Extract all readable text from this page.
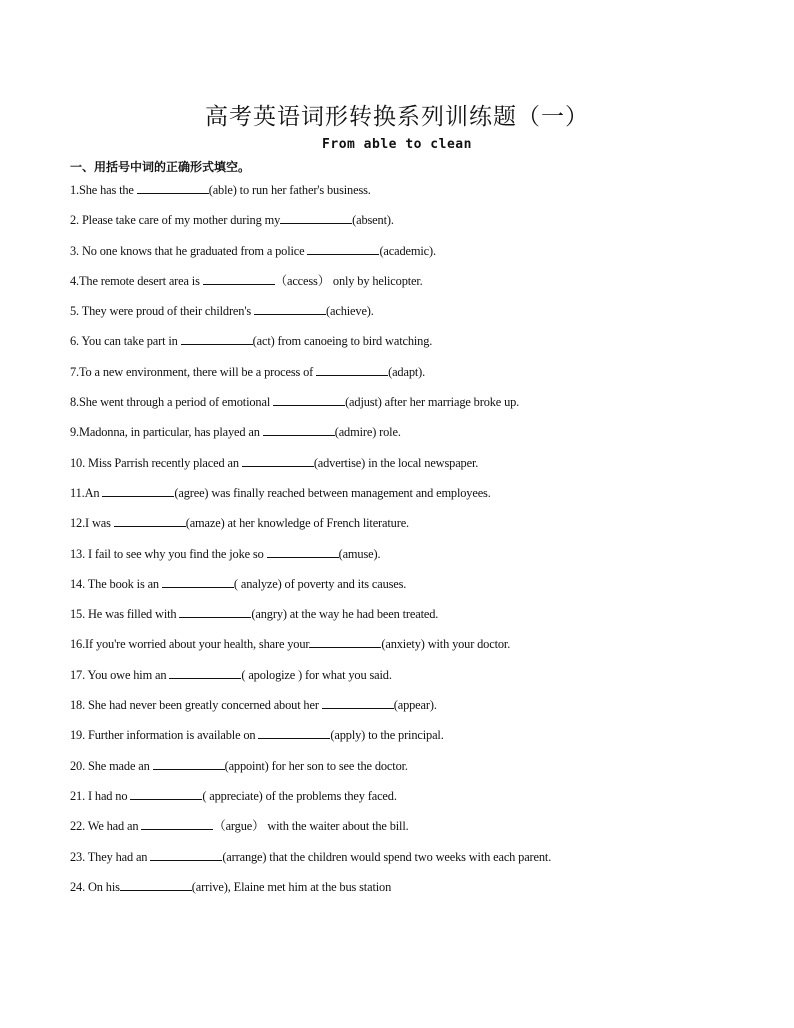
高考英语词形转换系列训练题（一）
From able to clean
一、用括号中词的正确形式填空。
1.She has the	(able) to run her father's business.
2. Please take care of my mother during my	(absent).
3. No one knows that he graduated from a police	(academic).
4.The remote desert area is	（access） only by helicopter.
5. They were proud of their children's	(achieve).
6. You can take part in	(act) from canoeing to bird watching.
7.To a new environment, there will be a process of	(adapt).
8.She went through a period of emotional	(adjust) after her marriage broke up.
9.Madonna, in particular, has played an	(admire) role.
10. Miss Parrish recently placed an	(advertise) in the local newspaper.
11.An	(agree) was finally reached between management and employees.
12.I was	(amaze) at her knowledge of French literature.
13. I fail to see why you find the joke so	(amuse).
14. The book is an	( analyze) of poverty and its causes.
15. He was filled with	(angry) at the way he had been treated.
16.If you're worried about your health, share your	(anxiety) with your doctor.
17. You owe him an	( apologize ) for what you said.
18. She had never been greatly concerned about her	(appear).
19. Further information is available on	(apply) to the principal.
20. She made an	(appoint) for her son to see the doctor.
21. I had no	( appreciate) of the problems they faced.
22. We had an	（argue） with the waiter about the bill.
23. They had an	(arrange) that the children would spend two weeks with each parent.
24. On his	(arrive), Elaine met him at the bus station
